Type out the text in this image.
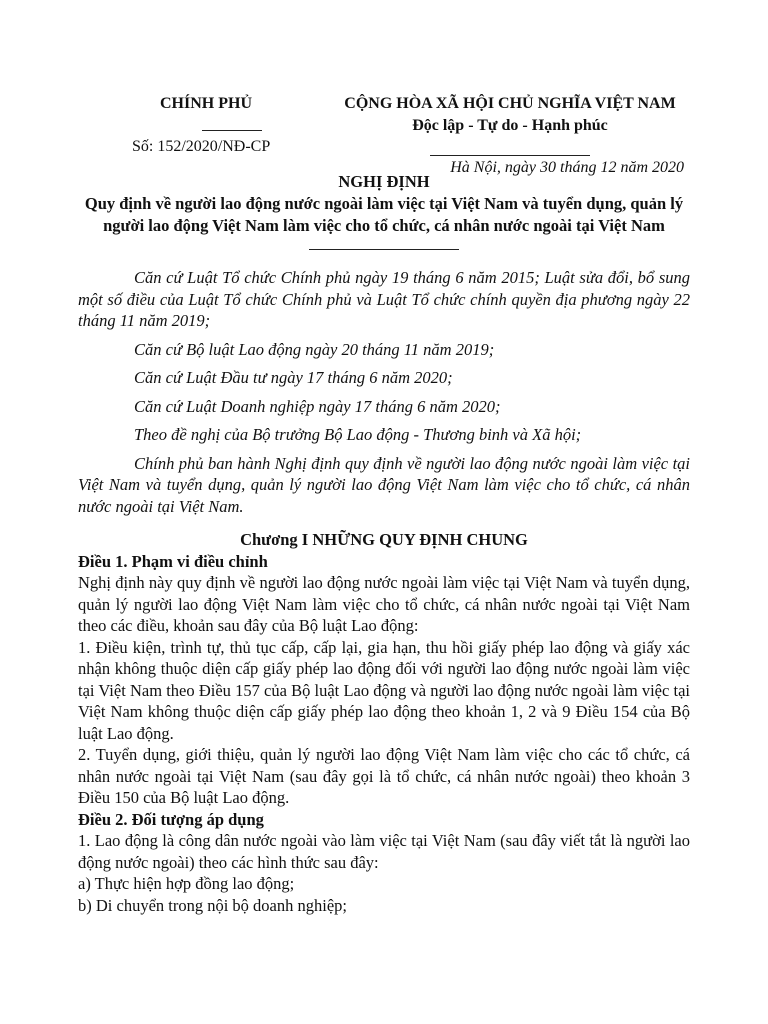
CHÍNH PHỦ
Số: 152/2020/NĐ-CP
CỘNG HÒA XÃ HỘI CHỦ NGHĨA VIỆT NAM
Độc lập - Tự do - Hạnh phúc
Hà Nội, ngày 30 tháng 12 năm 2020
NGHỊ ĐỊNH
Quy định về người lao động nước ngoài làm việc tại Việt Nam và tuyển dụng, quản lý người lao động Việt Nam làm việc cho tổ chức, cá nhân nước ngoài tại Việt Nam

Căn cứ Luật Tổ chức Chính phủ ngày 19 tháng 6 năm 2015; Luật sửa đổi, bổ sung một số điều của Luật Tổ chức Chính phủ và Luật Tổ chức chính quyền địa phương ngày 22 tháng 11 năm 2019;

Căn cứ Bộ luật Lao động ngày 20 tháng 11 năm 2019;

Căn cứ Luật Đầu tư ngày 17 tháng 6 năm 2020;

Căn cứ Luật Doanh nghiệp ngày 17 tháng 6 năm 2020;

Theo đề nghị của Bộ trưởng Bộ Lao động - Thương binh và Xã hội;

Chính phủ ban hành Nghị định quy định về người lao động nước ngoài làm việc tại Việt Nam và tuyển dụng, quản lý người lao động Việt Nam làm việc cho tổ chức, cá nhân nước ngoài tại Việt Nam.

Chương I NHỮNG QUY ĐỊNH CHUNG

Điều 1. Phạm vi điều chỉnh

Nghị định này quy định về người lao động nước ngoài làm việc tại Việt Nam và tuyển dụng, quản lý người lao động Việt Nam làm việc cho tổ chức, cá nhân nước ngoài tại Việt Nam theo các điều, khoản sau đây của Bộ luật Lao động:

1. Điều kiện, trình tự, thủ tục cấp, cấp lại, gia hạn, thu hồi giấy phép lao động và giấy xác nhận không thuộc diện cấp giấy phép lao động đối với người lao động nước ngoài làm việc tại Việt Nam theo Điều 157 của Bộ luật Lao động và người lao động nước ngoài làm việc tại Việt Nam không thuộc diện cấp giấy phép lao động theo khoản 1, 2 và 9 Điều 154 của Bộ luật Lao động.

2. Tuyển dụng, giới thiệu, quản lý người lao động Việt Nam làm việc cho các tổ chức, cá nhân nước ngoài tại Việt Nam (sau đây gọi là tổ chức, cá nhân nước ngoài) theo khoản 3 Điều 150 của Bộ luật Lao động.

Điều 2. Đối tượng áp dụng

1. Lao động là công dân nước ngoài vào làm việc tại Việt Nam (sau đây viết tắt là người lao động nước ngoài) theo các hình thức sau đây:

a) Thực hiện hợp đồng lao động;

b) Di chuyển trong nội bộ doanh nghiệp;
